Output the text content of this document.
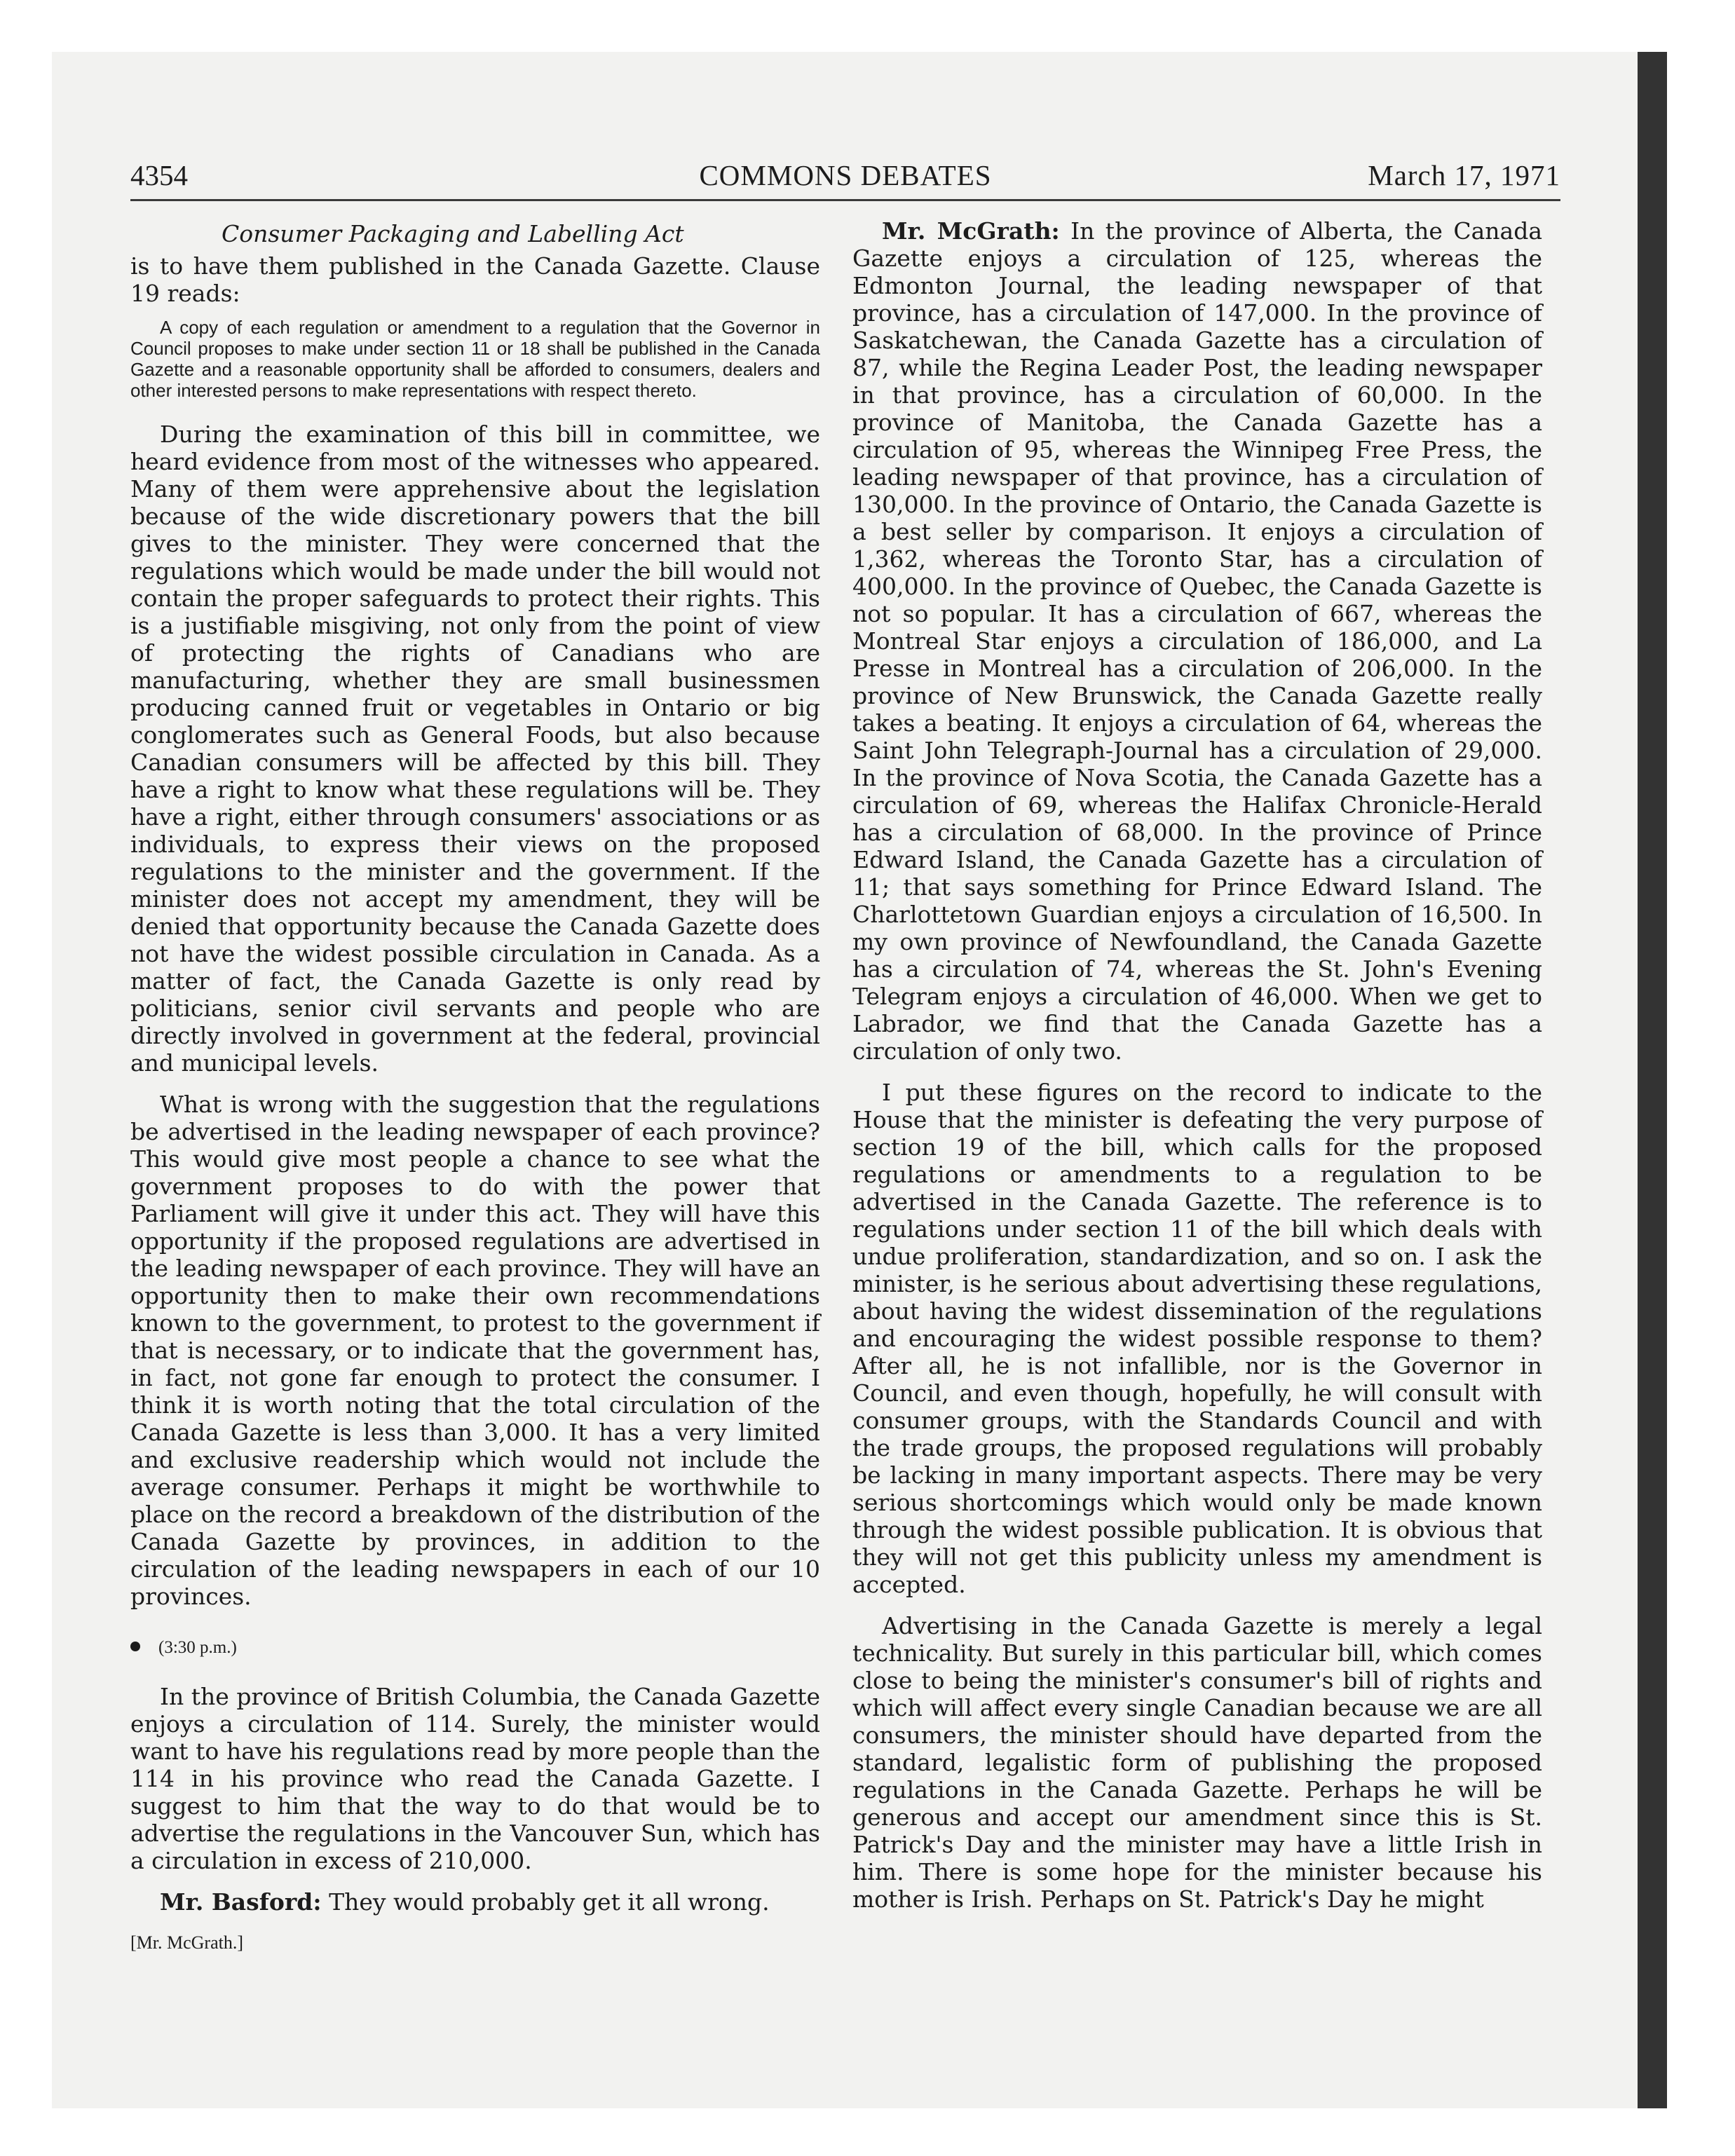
4354	COMMONS DEBATES	March 17, 1971
Consumer Packaging and Labelling Act

is to have them published in the Canada Gazette. Clause 19 reads:

A copy of each regulation or amendment to a regulation that the Governor in Council proposes to make under section 11 or 18 shall be published in the Canada Gazette and a reasonable opportunity shall be afforded to consumers, dealers and other interested persons to make representations with respect thereto.

During the examination of this bill in committee, we heard evidence from most of the witnesses who appeared. Many of them were apprehensive about the legislation because of the wide discretionary powers that the bill gives to the minister. They were concerned that the regulations which would be made under the bill would not contain the proper safeguards to protect their rights. This is a justifiable misgiving, not only from the point of view of protecting the rights of Canadians who are manufacturing, whether they are small businessmen producing canned fruit or vegetables in Ontario or big conglomerates such as General Foods, but also because Canadian consumers will be affected by this bill. They have a right to know what these regulations will be. They have a right, either through consumers' associations or as individuals, to express their views on the proposed regulations to the minister and the government. If the minister does not accept my amendment, they will be denied that opportunity because the Canada Gazette does not have the widest possible circulation in Canada. As a matter of fact, the Canada Gazette is only read by politicians, senior civil servants and people who are directly involved in government at the federal, provincial and municipal levels.

What is wrong with the suggestion that the regulations be advertised in the leading newspaper of each province? This would give most people a chance to see what the government proposes to do with the power that Parliament will give it under this act. They will have this opportunity if the proposed regulations are advertised in the leading newspaper of each province. They will have an opportunity then to make their own recommendations known to the government, to protest to the government if that is necessary, or to indicate that the government has, in fact, not gone far enough to protect the consumer. I think it is worth noting that the total circulation of the Canada Gazette is less than 3,000. It has a very limited and exclusive readership which would not include the average consumer. Perhaps it might be worthwhile to place on the record a breakdown of the distribution of the Canada Gazette by provinces, in addition to the circulation of the leading newspapers in each of our 10 provinces.

(3:30 p.m.)

In the province of British Columbia, the Canada Gazette enjoys a circulation of 114. Surely, the minister would want to have his regulations read by more people than the 114 in his province who read the Canada Gazette. I suggest to him that the way to do that would be to advertise the regulations in the Vancouver Sun, which has a circulation in excess of 210,000.

Mr. Basford: They would probably get it all wrong.

[Mr. McGrath.]

Mr. McGrath: In the province of Alberta, the Canada Gazette enjoys a circulation of 125, whereas the Edmonton Journal, the leading newspaper of that province, has a circulation of 147,000. In the province of Saskatchewan, the Canada Gazette has a circulation of 87, while the Regina Leader Post, the leading newspaper in that province, has a circulation of 60,000. In the province of Manitoba, the Canada Gazette has a circulation of 95, whereas the Winnipeg Free Press, the leading newspaper of that province, has a circulation of 130,000. In the province of Ontario, the Canada Gazette is a best seller by comparison. It enjoys a circulation of 1,362, whereas the Toronto Star, has a circulation of 400,000. In the province of Quebec, the Canada Gazette is not so popular. It has a circulation of 667, whereas the Montreal Star enjoys a circulation of 186,000, and La Presse in Montreal has a circulation of 206,000. In the province of New Brunswick, the Canada Gazette really takes a beating. It enjoys a circulation of 64, whereas the Saint John Telegraph-Journal has a circulation of 29,000. In the province of Nova Scotia, the Canada Gazette has a circulation of 69, whereas the Halifax Chronicle-Herald has a circulation of 68,000. In the province of Prince Edward Island, the Canada Gazette has a circulation of 11; that says something for Prince Edward Island. The Charlottetown Guardian enjoys a circulation of 16,500. In my own province of Newfoundland, the Canada Gazette has a circulation of 74, whereas the St. John's Evening Telegram enjoys a circulation of 46,000. When we get to Labrador, we find that the Canada Gazette has a circulation of only two.

I put these figures on the record to indicate to the House that the minister is defeating the very purpose of section 19 of the bill, which calls for the proposed regulations or amendments to a regulation to be advertised in the Canada Gazette. The reference is to regulations under section 11 of the bill which deals with undue proliferation, standardization, and so on. I ask the minister, is he serious about advertising these regulations, about having the widest dissemination of the regulations and encouraging the widest possible response to them? After all, he is not infallible, nor is the Governor in Council, and even though, hopefully, he will consult with consumer groups, with the Standards Council and with the trade groups, the proposed regulations will probably be lacking in many important aspects. There may be very serious shortcomings which would only be made known through the widest possible publication. It is obvious that they will not get this publicity unless my amendment is accepted.

Advertising in the Canada Gazette is merely a legal technicality. But surely in this particular bill, which comes close to being the minister's consumer's bill of rights and which will affect every single Canadian because we are all consumers, the minister should have departed from the standard, legalistic form of publishing the proposed regulations in the Canada Gazette. Perhaps he will be generous and accept our amendment since this is St. Patrick's Day and the minister may have a little Irish in him. There is some hope for the minister because his mother is Irish. Perhaps on St. Patrick's Day he might
